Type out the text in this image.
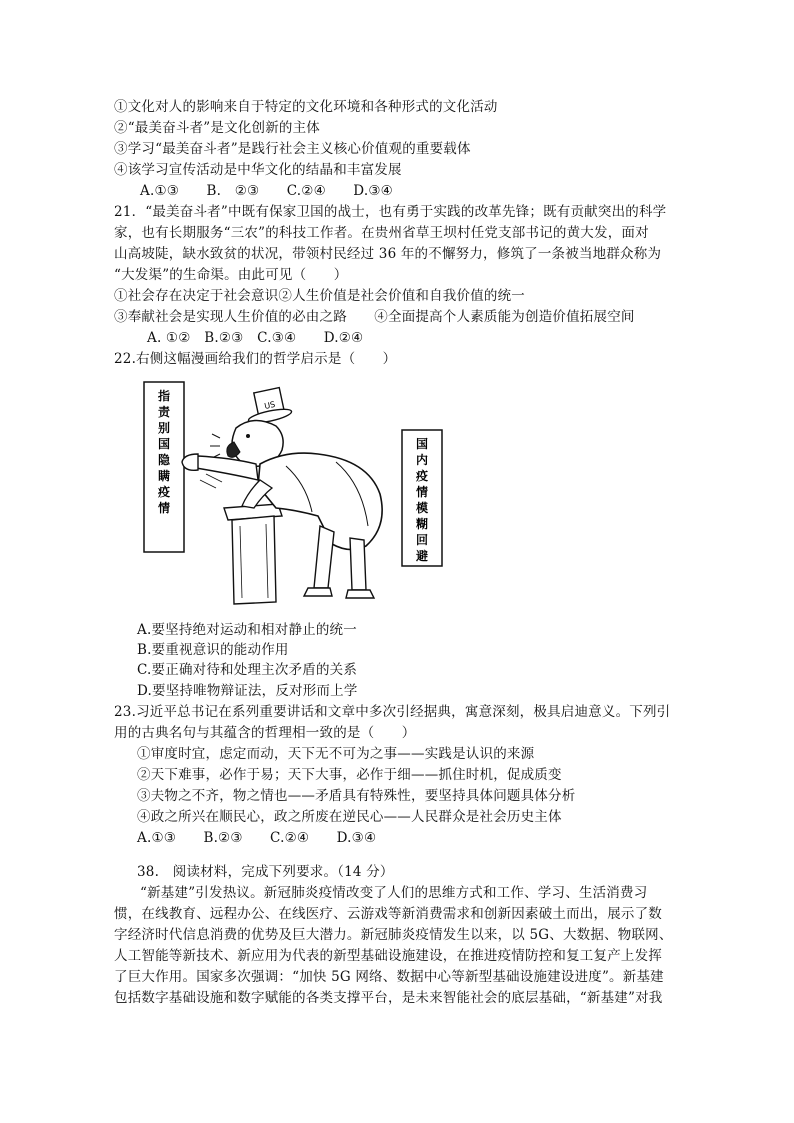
①文化对人的影响来自于特定的文化环境和各种形式的文化活动
②“最美奋斗者”是文化创新的主体
③学习“最美奋斗者”是践行社会主义核心价值观的重要载体
④该学习宣传活动是中华文化的结晶和丰富发展
A.①③　　B.　②③　　C.②④　　D.③④
21．“最美奋斗者”中既有保家卫国的战士，也有勇于实践的改革先锋；既有贡献突出的科学
家，也有长期服务“三农”的科技工作者。在贵州省草王坝村任党支部书记的黄大发，面对
山高坡陡，缺水致贫的状况，带领村民经过 36 年的不懈努力，修筑了一条被当地群众称为
“大发渠”的生命渠。由此可见（　　）
①社会存在决定于社会意识②人生价值是社会价值和自我价值的统一
③奉献社会是实现人生价值的必由之路　　④全面提高个人素质能为创造价值拓展空间
A. ①②　B.②③　C.③④　　D.②④
22.右侧这幅漫画给我们的哲学启示是（　　）
指责别国隐瞒疫情
国内疫情模糊回避
US
A.要坚持绝对运动和相对静止的统一
B.要重视意识的能动作用
C.要正确对待和处理主次矛盾的关系
D.要坚持唯物辩证法，反对形而上学
23.习近平总书记在系列重要讲话和文章中多次引经据典，寓意深刻，极具启迪意义。下列引
用的古典名句与其蕴含的哲理相一致的是（　　）
①审度时宜，虑定而动，天下无不可为之事——实践是认识的来源
②天下难事，必作于易；天下大事，必作于细——抓住时机，促成质变
③夫物之不齐，物之情也——矛盾具有特殊性，要坚持具体问题具体分析
④政之所兴在顺民心，政之所废在逆民心——人民群众是社会历史主体
A.①③　　B.②③　　C.②④　　D.③④
38.　阅读材料，完成下列要求。（14 分）
“新基建”引发热议。新冠肺炎疫情改变了人们的思维方式和工作、学习、生活消费习
惯，在线教育、远程办公、在线医疗、云游戏等新消费需求和创新因素破土而出，展示了数
字经济时代信息消费的优势及巨大潜力。新冠肺炎疫情发生以来，以 5G、大数据、物联网、
人工智能等新技术、新应用为代表的新型基础设施建设，在推进疫情防控和复工复产上发挥
了巨大作用。国家多次强调：“加快 5G 网络、数据中心等新型基础设施建设进度”。新基建
包括数字基础设施和数字赋能的各类支撑平台，是未来智能社会的底层基础，“新基建”对我
